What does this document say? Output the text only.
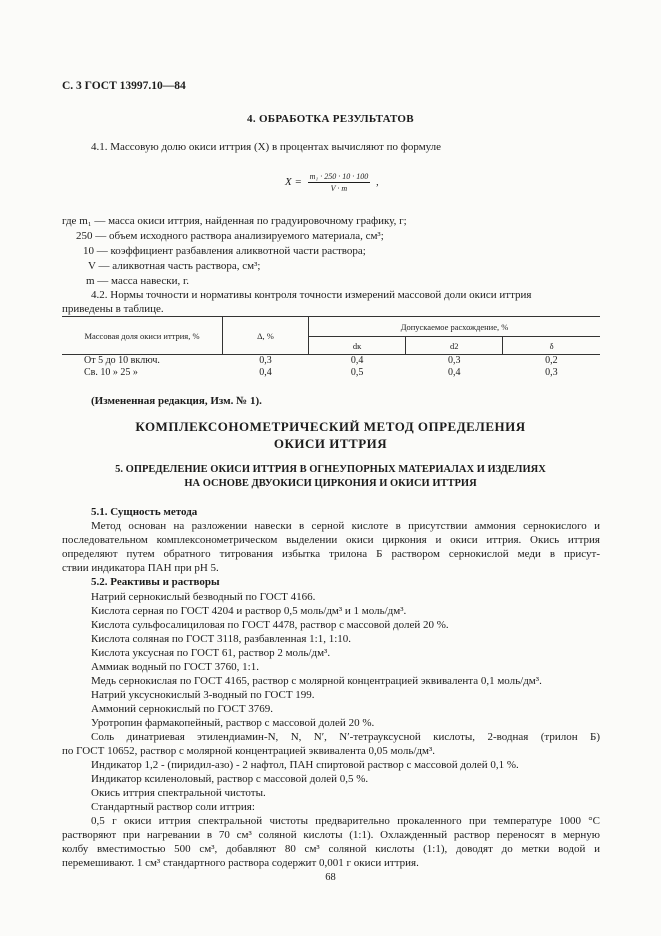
С. 3 ГОСТ 13997.10—84
4. ОБРАБОТКА РЕЗУЛЬТАТОВ
4.1. Массовую долю окиси иттрия (X) в процентах вычисляют по формуле
$X = \frac{\text{m₁ · 250 · 10 · 100}}{V \cdot m}$ ,
где m₁ — масса окиси иттрия, найденная по градуировочному графику, г;
250 — объем исходного раствора анализируемого материала, см³;
10 — коэффициент разбавления аликвотной части раствора;
V — аликвотная часть раствора, см³;
m — масса навески, г.
4.2. Нормы точности и нормативы контроля точности измерений массовой доли окиси иттрия
приведены в таблице.
Массовая доля окиси иттрия, %	Δ, %	Допускаемое расхождение, %		
		dк	d2	δ
От 5 до 10 включ.	0,3	0,4	0,3	0,2
Св. 10 » 25 »	0,4	0,5	0,4	0,3
(Измененная редакция, Изм. № 1).
КОМПЛЕКСОНОМЕТРИЧЕСКИЙ МЕТОД ОПРЕДЕЛЕНИЯ
ОКИСИ ИТТРИЯ
5. ОПРЕДЕЛЕНИЕ ОКИСИ ИТТРИЯ В ОГНЕУПОРНЫХ МАТЕРИАЛАХ И ИЗДЕЛИЯХ
НА ОСНОВЕ ДВУОКИСИ ЦИРКОНИЯ И ОКИСИ ИТТРИЯ
5.1. Сущность метода
Метод основан на разложении навески в серной кислоте в присутствии аммония сернокислого и
последовательном комплексонометрическом выделении окиси циркония и окиси иттрия. Окись иттрия
определяют путем обратного титрования избытка трилона Б раствором сернокислой меди в присут-
ствии индикатора ПАН при pH 5.
5.2. Реактивы и растворы
Натрий сернокислый безводный по ГОСТ 4166.
Кислота серная по ГОСТ 4204 и раствор 0,5 моль/дм³ и 1 моль/дм³.
Кислота сульфосалициловая по ГОСТ 4478, раствор с массовой долей 20 %.
Кислота соляная по ГОСТ 3118, разбавленная 1:1, 1:10.
Кислота уксусная по ГОСТ 61, раствор 2 моль/дм³.
Аммиак водный по ГОСТ 3760, 1:1.
Медь сернокислая по ГОСТ 4165, раствор с молярной концентрацией эквивалента 0,1 моль/дм³.
Натрий уксуснокислый 3-водный по ГОСТ 199.
Аммоний сернокислый по ГОСТ 3769.
Уротропин фармакопейный, раствор с массовой долей 20 %.
Соль динатриевая этилендиамин-N, N, N′, N′-тетрауксусной кислоты, 2-водная (трилон Б)
по ГОСТ 10652, раствор с молярной концентрацией эквивалента 0,05 моль/дм³.
Индикатор 1,2 - (пиридил-азо) - 2 нафтол, ПАН спиртовой раствор с массовой долей 0,1 %.
Индикатор ксиленоловый, раствор с массовой долей 0,5 %.
Окись иттрия спектральной чистоты.
Стандартный раствор соли иттрия:
0,5 г окиси иттрия спектральной чистоты предварительно прокаленного при температуре 1000 °С
растворяют при нагревании в 70 см³ соляной кислоты (1:1). Охлажденный раствор переносят в мерную
колбу вместимостью 500 см³, добавляют 80 см³ соляной кислоты (1:1), доводят до метки водой и
перемешивают. 1 см³ стандартного раствора содержит 0,001 г окиси иттрия.
68
